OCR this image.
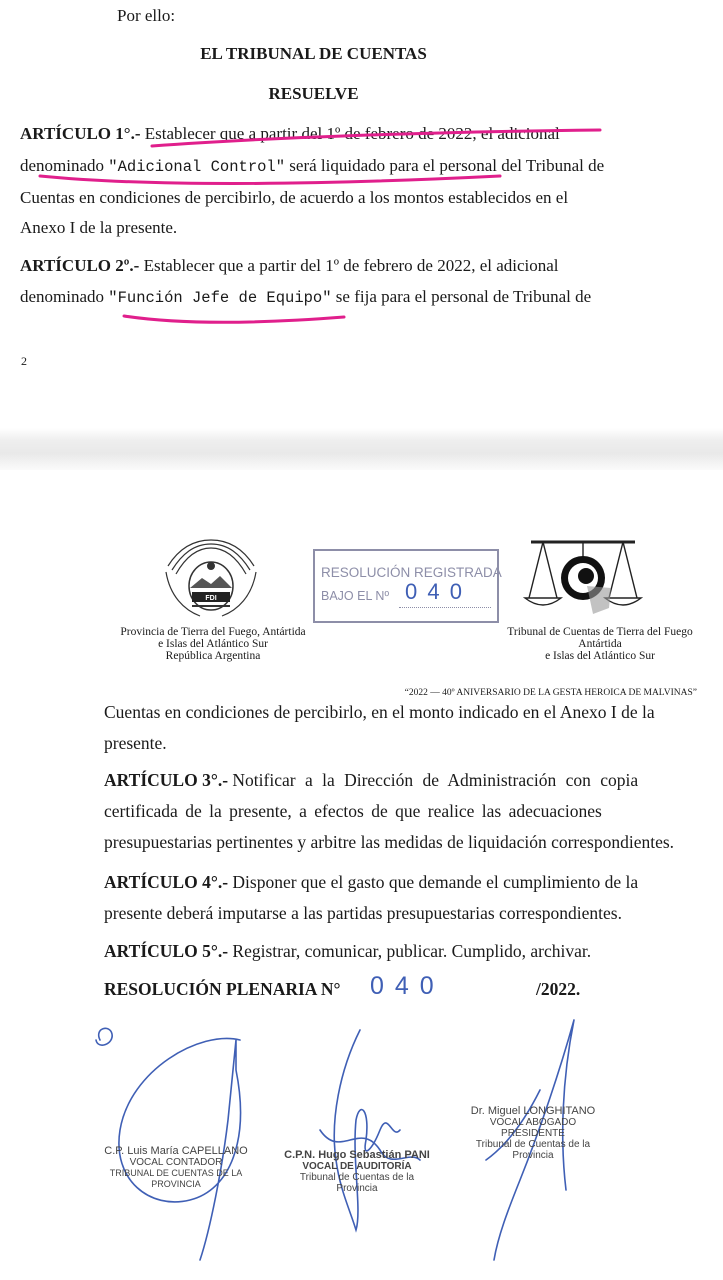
Por ello:
EL TRIBUNAL DE CUENTAS
RESUELVE
ARTÍCULO 1°.- Establecer que a partir del 1º de febrero de 2022, el adicional
denominado "Adicional Control" será liquidado para el personal del Tribunal de
Cuentas en condiciones de percibirlo, de acuerdo a los montos establecidos en el
Anexo I de la presente.
ARTÍCULO 2º.- Establecer que a partir del 1º de febrero de 2022, el adicional
denominado "Función Jefe de Equipo" se fija para el personal de Tribunal de
2
FDI
Provincia de Tierra del Fuego, Antártida
e Islas del Atlántico Sur
República Argentina
RESOLUCIÓN REGISTRADA
BAJO EL Nº 0 4 0
Tribunal de Cuentas de Tierra del Fuego
Antártida
e Islas del Atlántico Sur
“2022 — 40º ANIVERSARIO DE LA GESTA HEROICA DE MALVINAS”
Cuentas en condiciones de percibirlo, en el monto indicado en el Anexo I de la
presente.
ARTÍCULO 3°.- Notificar a la Dirección de Administración con copia
certificada de la presente, a efectos de que realice las adecuaciones
presupuestarias pertinentes y arbitre las medidas de liquidación correspondientes.
ARTÍCULO 4°.- Disponer que el gasto que demande el cumplimiento de la
presente deberá imputarse a las partidas presupuestarias correspondientes.
ARTÍCULO 5°.- Registrar, comunicar, publicar. Cumplido, archivar.
RESOLUCIÓN PLENARIA N° 0 4 0	/2022.
C.P. Luis María CAPELLANO
VOCAL CONTADOR
TRIBUNAL DE CUENTAS DE LA PROVINCIA
C.P.N. Hugo Sebastián PANI
VOCAL DE AUDITORÍA
Tribunal de Cuentas de la Provincia
Dr. Miguel LONGHITANO
VOCAL ABOGADO
PRESIDENTE
Tribunal de Cuentas de la Provincia
